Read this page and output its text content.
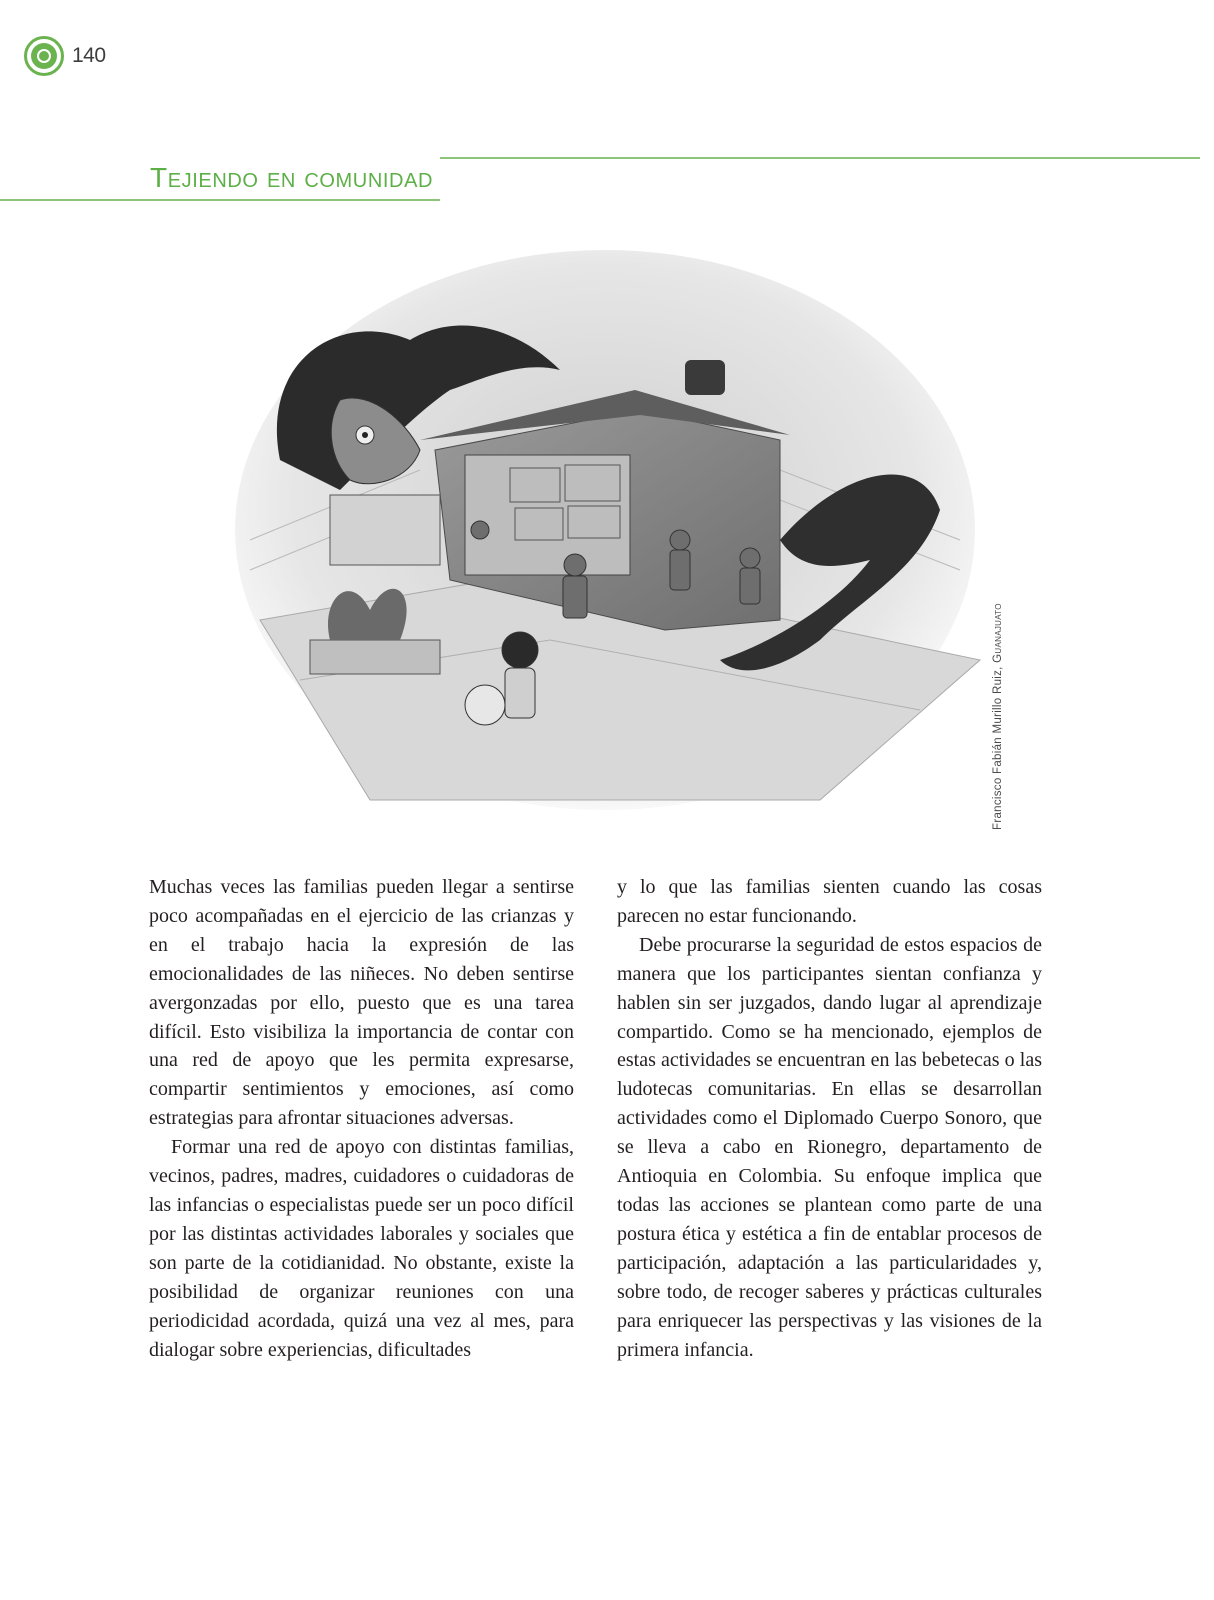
140
Tejiendo en comunidad
Francisco Fabián Murillo Ruiz, Guanajuato

Muchas veces las familias pueden llegar a sentirse poco acompañadas en el ejercicio de las crianzas y en el trabajo hacia la expresión de las emocionalidades de las niñeces. No deben sentirse avergonzadas por ello, puesto que es una tarea difícil. Esto visibiliza la importancia de contar con una red de apoyo que les permita expresarse, compartir sentimientos y emociones, así como estrategias para afrontar situaciones adversas.

Formar una red de apoyo con distintas familias, vecinos, padres, madres, cuidadores o cuidadoras de las infancias o especialistas puede ser un poco difícil por las distintas actividades laborales y sociales que son parte de la cotidianidad. No obstante, existe la posibilidad de organizar reuniones con una periodicidad acordada, quizá una vez al mes, para dialogar sobre experiencias, dificultades

y lo que las familias sienten cuando las cosas parecen no estar funcionando.

Debe procurarse la seguridad de estos espacios de manera que los participantes sientan confianza y hablen sin ser juzgados, dando lugar al aprendizaje compartido. Como se ha mencionado, ejemplos de estas actividades se encuentran en las bebetecas o las ludotecas comunitarias. En ellas se desarrollan actividades como el Diplomado Cuerpo Sonoro, que se lleva a cabo en Rionegro, departamento de Antioquia en Colombia. Su enfoque implica que todas las acciones se plantean como parte de una postura ética y estética a fin de entablar procesos de participación, adaptación a las particularidades y, sobre todo, de recoger saberes y prácticas culturales para enriquecer las perspectivas y las visiones de la primera infancia.
